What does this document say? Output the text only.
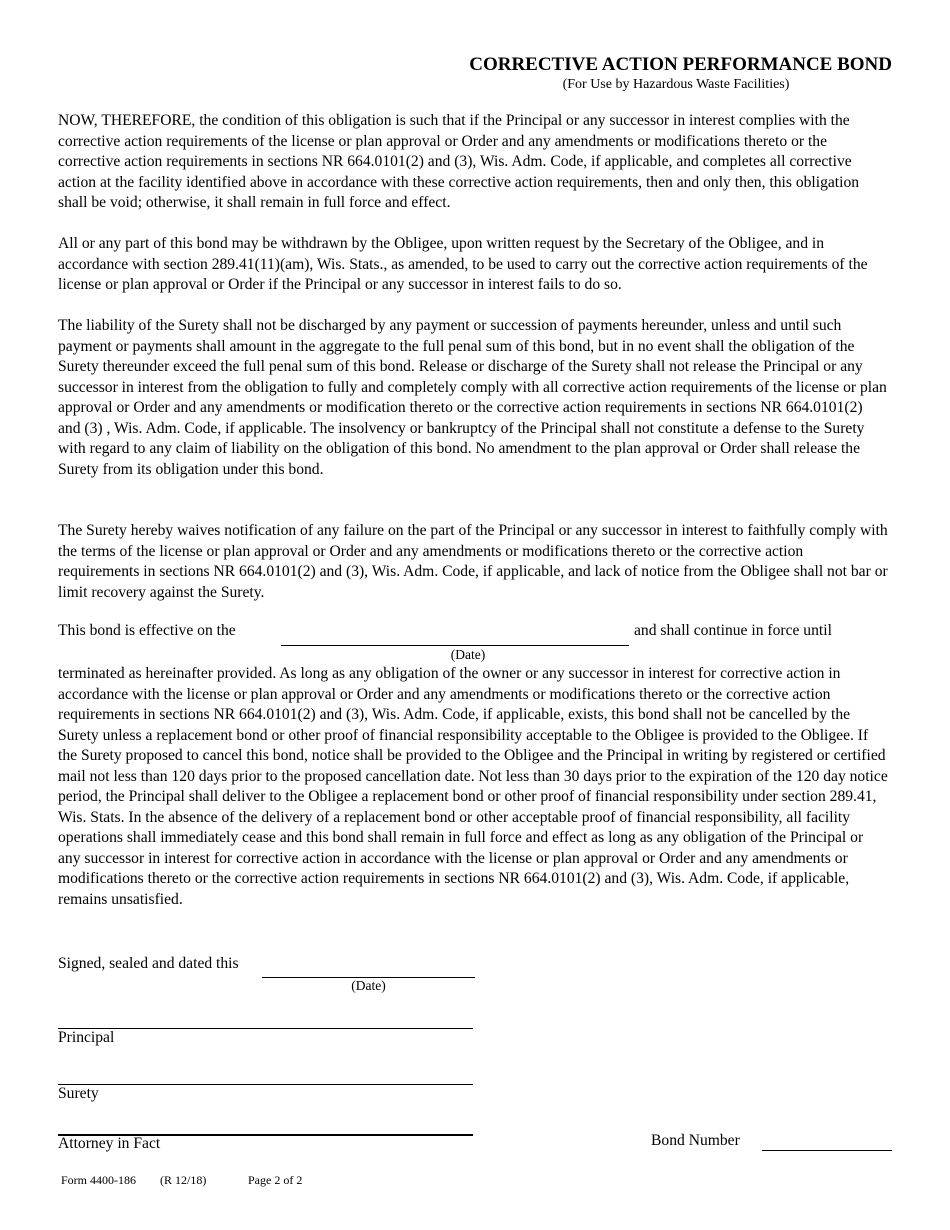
CORRECTIVE ACTION PERFORMANCE BOND
(For Use by Hazardous Waste Facilities)

NOW, THEREFORE, the condition of this obligation is such that if the Principal or any successor in interest complies with the corrective action requirements of the license or plan approval or Order and any amendments or modifications thereto or the corrective action requirements in sections NR 664.0101(2) and (3), Wis. Adm. Code, if applicable, and completes all corrective action at the facility identified above in accordance with these corrective action requirements, then and only then, this obligation shall be void; otherwise, it shall remain in full force and effect.

All or any part of this bond may be withdrawn by the Obligee, upon written request by the Secretary of the Obligee, and in accordance with section 289.41(11)(am), Wis. Stats., as amended, to be used to carry out the corrective action requirements of the license or plan approval or Order if the Principal or any successor in interest fails to do so.

The liability of the Surety shall not be discharged by any payment or succession of payments hereunder, unless and until such payment or payments shall amount in the aggregate to the full penal sum of this bond, but in no event shall the obligation of the Surety thereunder exceed the full penal sum of this bond. Release or discharge of the Surety shall not release the Principal or any successor in interest from the obligation to fully and completely comply with all corrective action requirements of the license or plan approval or Order and any amendments or modification thereto or the corrective action requirements in sections NR 664.0101(2) and (3) , Wis. Adm. Code, if applicable. The insolvency or bankruptcy of the Principal shall not constitute a defense to the Surety with regard to any claim of liability on the obligation of this bond. No amendment to the plan approval or Order shall release the Surety from its obligation under this bond.

The Surety hereby waives notification of any failure on the part of the Principal or any successor in interest to faithfully comply with the terms of the license or plan approval or Order and any amendments or modifications thereto or the corrective action requirements in sections NR 664.0101(2) and (3), Wis. Adm. Code, if applicable, and lack of notice from the Obligee shall not bar or limit recovery against the Surety.

This bond is effective on the
(Date)
and shall continue in force until

terminated as hereinafter provided. As long as any obligation of the owner or any successor in interest for corrective action in accordance with the license or plan approval or Order and any amendments or modifications thereto or the corrective action requirements in sections NR 664.0101(2) and (3), Wis. Adm. Code, if applicable, exists, this bond shall not be cancelled by the Surety unless a replacement bond or other proof of financial responsibility acceptable to the Obligee is provided to the Obligee. If the Surety proposed to cancel this bond, notice shall be provided to the Obligee and the Principal in writing by registered or certified mail not less than 120 days prior to the proposed cancellation date. Not less than 30 days prior to the expiration of the 120 day notice period, the Principal shall deliver to the Obligee a replacement bond or other proof of financial responsibility under section 289.41, Wis. Stats. In the absence of the delivery of a replacement bond or other acceptable proof of financial responsibility, all facility operations shall immediately cease and this bond shall remain in full force and effect as long as any obligation of the Principal or any successor in interest for corrective action in accordance with the license or plan approval or Order and any amendments or modifications thereto or the corrective action requirements in sections NR 664.0101(2) and (3), Wis. Adm. Code, if applicable, remains unsatisfied.

Signed, sealed and dated this
(Date)
Principal
Surety
Attorney in Fact	Bond Number
Form 4400-186 (R 12/18)	Page 2 of 2
